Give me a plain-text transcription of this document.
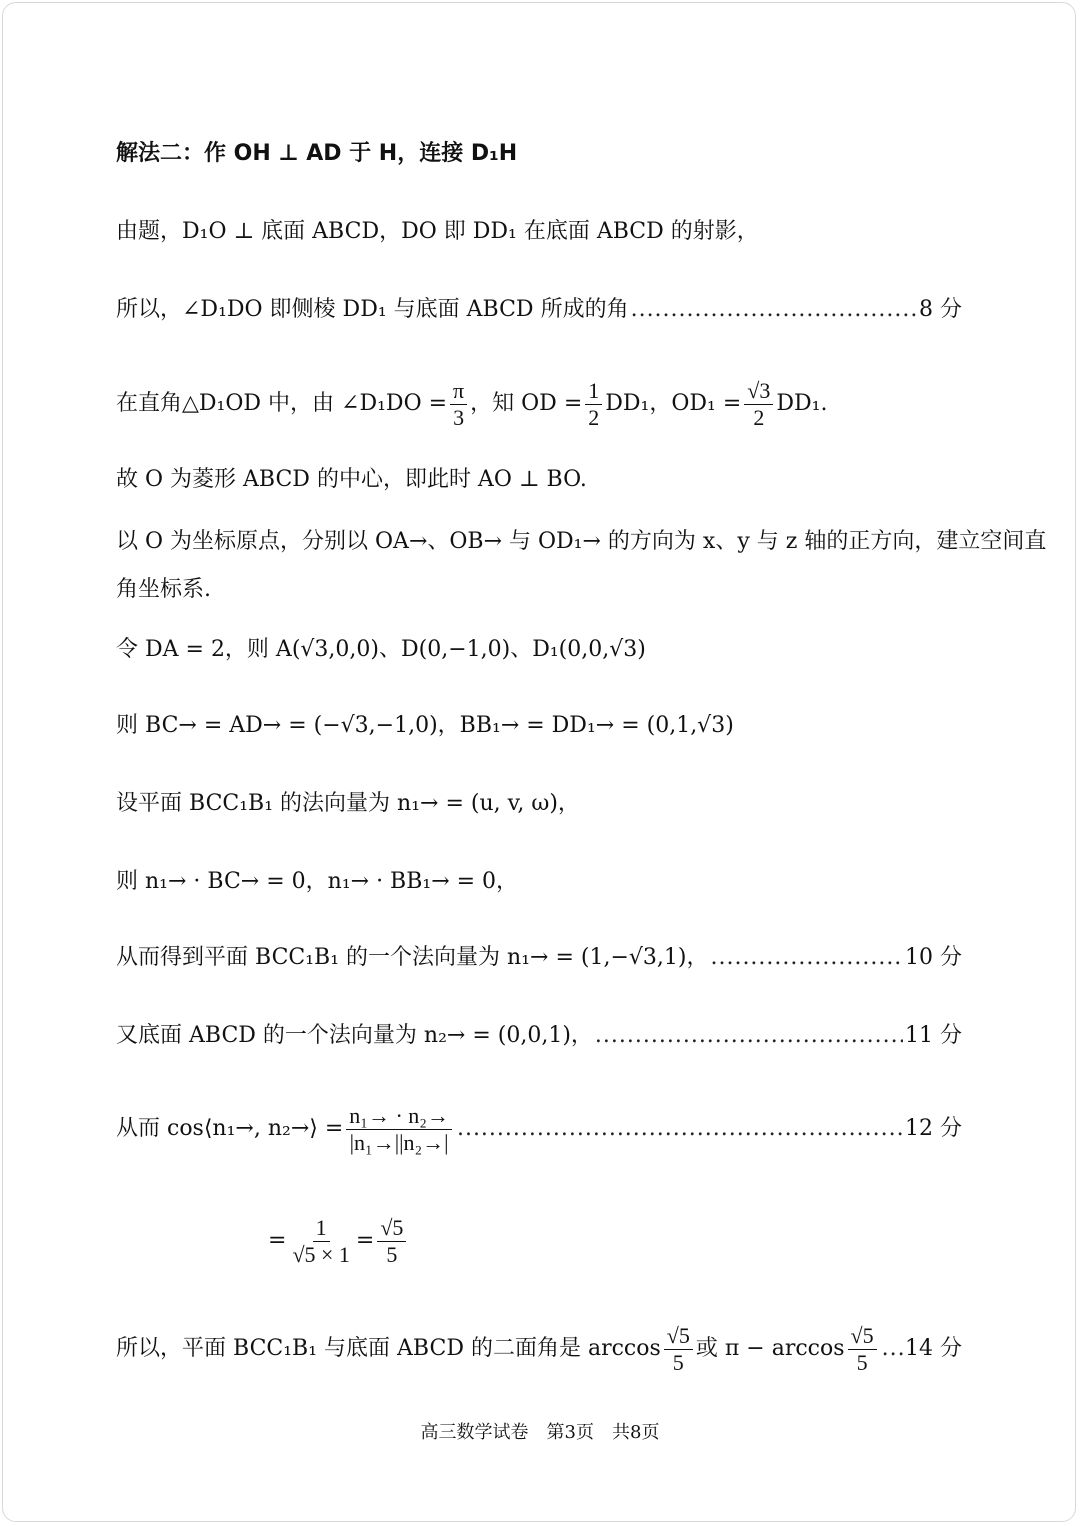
解法二：作 OH ⊥ AD 于 H，连接 D₁H
由题，D₁O ⊥ 底面 ABCD，DO 即 DD₁ 在底面 ABCD 的射影，
所以，∠D₁DO 即侧棱 DD₁ 与底面 ABCD 所成的角 .....	8 分
在直角△D₁OD 中，由 ∠D₁DO = $\frac{\pi}{3}$ ，知 OD = $\frac{1}{2} DD_1$，$OD_1 = \frac{√3}{2} DD_1$.
故 O 为菱形 ABCD 的中心，即此时 AO ⊥ BO.
以 O 为坐标原点，分别以 OA→、OB→ 与 OD₁→ 的方向为 x、y 与 z 轴的正方向，建立空间直
角坐标系.
令 DA = 2，则 A(√3,0,0)、D(0,−1,0)、D₁(0,0,√3)
则 BC→ = AD→ = (−√3,−1,0)，BB₁→ = DD₁→ = (0,1,√3)
设平面 BCC₁B₁ 的法向量为 n₁→ = (u, v, ω)，
则 n₁→ · BC→ = 0，n₁→ · BB₁→ = 0，
从而得到平面 BCC₁B₁ 的一个法向量为 n₁→ = (1,−√3,1)， .....	10 分
又底面 ABCD 的一个法向量为 n₂→ = (0,0,1)， .....	11 分
从而 cos⟨n₁→, n₂→⟩ = $\frac{\text{n₁→ · n₂→}}{\text{|n₁→||n₂→|}}$ .....	12 分
= $\frac{1}{√5 \times 1} = \frac{√5}{5}$
所以，平面 BCC₁B₁ 与底面 ABCD 的二面角是 $\arccos \frac{√5}{5}$ 或 $\pi - \arccos \frac{√5}{5}$ ..... 14 分
高三数学试卷　第3页　共8页
